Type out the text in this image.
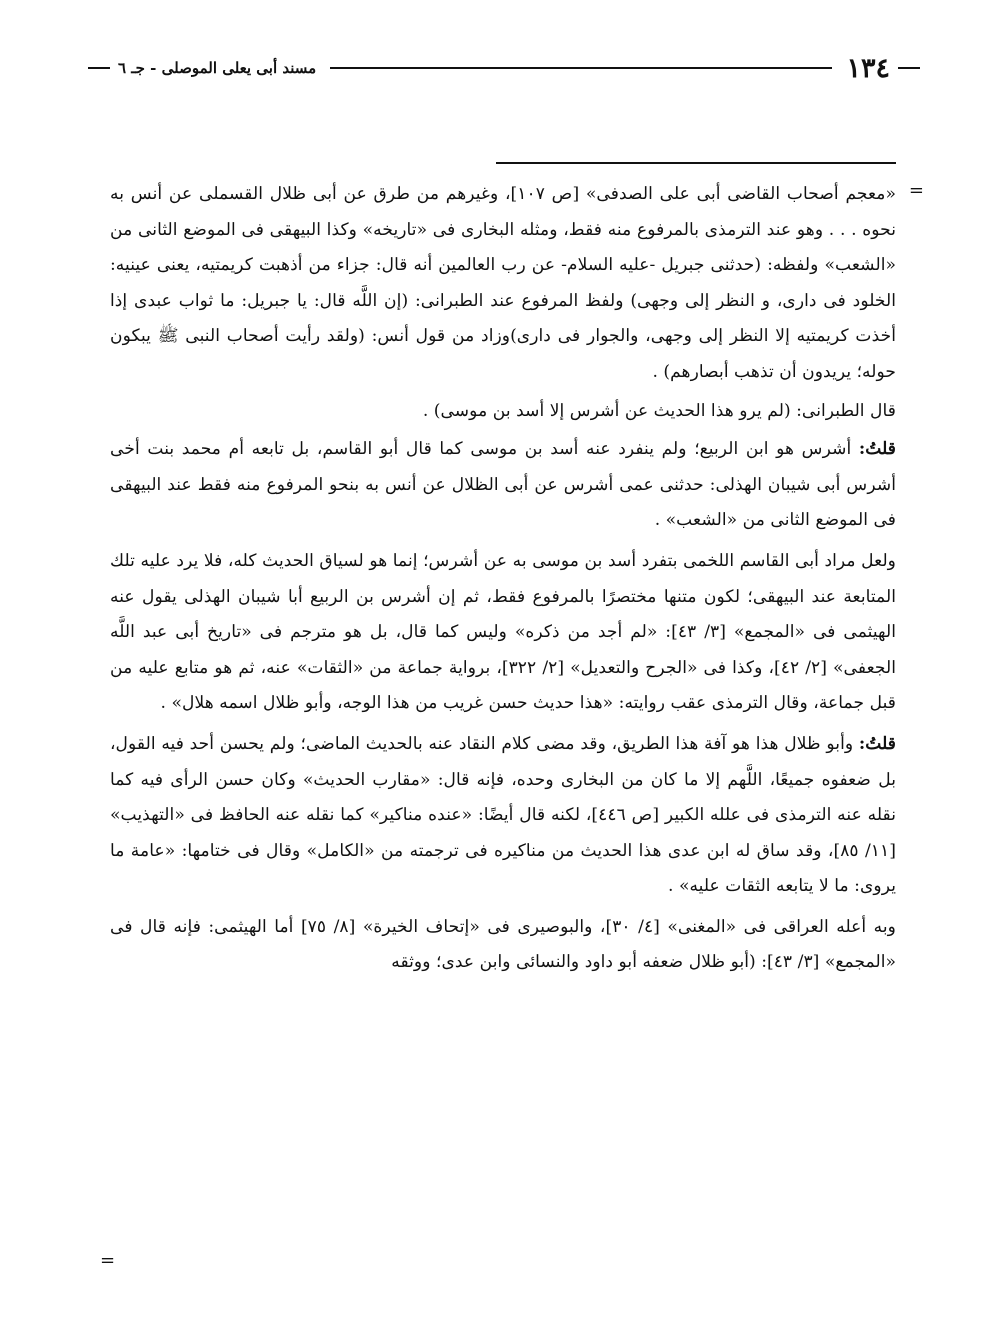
١٣٤
مسند أبى يعلى الموصلى - جـ ٦
=

«معجم أصحاب القاضى أبى على الصدفى» [ص ١٠٧]، وغيرهم من طرق عن أبى ظلال القسملى عن أنس به نحوه . . . وهو عند الترمذى بالمرفوع منه فقط، ومثله البخارى فى «تاريخه» وكذا البيهقى فى الموضع الثانى من «الشعب» ولفظه: (حدثنى جبريل -عليه السلام- عن رب العالمين أنه قال: جزاء من أذهبت كريمتيه، يعنى عينيه: الخلود فى دارى، و النظر إلى وجهى) ولفظ المرفوع عند الطبرانى: (إن اللَّه قال: يا جبريل: ما ثواب عبدى إذا أخذت كريمتيه إلا النظر إلى وجهى، والجوار فى دارى)وزاد من قول أنس: (ولقد رأيت أصحاب النبى ﷺ يبكون حوله؛ يريدون أن تذهب أبصارهم) .

قال الطبرانى: (لم يرو هذا الحديث عن أشرس إلا أسد بن موسى) .

قلتُ: أشرس هو ابن الربيع؛ ولم ينفرد عنه أسد بن موسى كما قال أبو القاسم، بل تابعه أم محمد بنت أخى أشرس أبى شيبان الهذلى: حدثنى عمى أشرس عن أبى الظلال عن أنس به بنحو المرفوع منه فقط عند البيهقى فى الموضع الثانى من «الشعب» .

ولعل مراد أبى القاسم اللخمى بتفرد أسد بن موسى به عن أشرس؛ إنما هو لسياق الحديث كله، فلا يرد عليه تلك المتابعة عند البيهقى؛ لكون متنها مختصرًا بالمرفوع فقط، ثم إن أشرس بن الربيع أبا شيبان الهذلى يقول عنه الهيثمى فى «المجمع» [٣/ ٤٣]: «لم أجد من ذكره» وليس كما قال، بل هو مترجم فى «تاريخ أبى عبد اللَّه الجعفى» [٢/ ٤٢]، وكذا فى «الجرح والتعديل» [٢/ ٣٢٢]، برواية جماعة من «الثقات» عنه، ثم هو متابع عليه من قبل جماعة، وقال الترمذى عقب روايته: «هذا حديث حسن غريب من هذا الوجه، وأبو ظلال اسمه هلال» .

قلتُ: وأبو ظلال هذا هو آفة هذا الطريق، وقد مضى كلام النقاد عنه بالحديث الماضى؛ ولم يحسن أحد فيه القول، بل ضعفوه جميعًا، اللَّهم إلا ما كان من البخارى وحده، فإنه قال: «مقارب الحديث» وكان حسن الرأى فيه كما نقله عنه الترمذى فى علله الكبير [ص ٤٤٦]، لكنه قال أيضًا: «عنده مناكير» كما نقله عنه الحافظ فى «التهذيب» [١١/ ٨٥]، وقد ساق له ابن عدى هذا الحديث من مناكيره فى ترجمته من «الكامل» وقال فى ختامها: «عامة ما يروى: ما لا يتابعه الثقات عليه» .

وبه أعله العراقى فى «المغنى» [٤/ ٣٠]، والبوصيرى فى «إتحاف الخيرة» [٨/ ٧٥] أما الهيثمى: فإنه قال فى «المجمع» [٣/ ٤٣]: (أبو ظلال ضعفه أبو داود والنسائى وابن عدى؛ ووثقه

=
